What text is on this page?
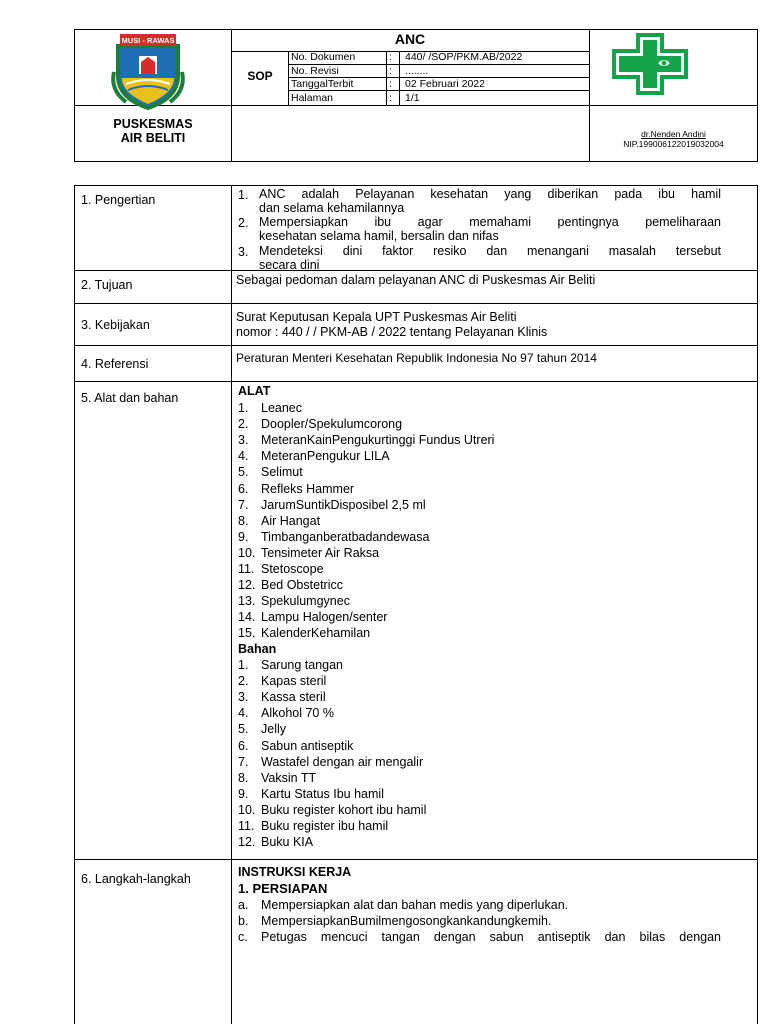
MUSI - RAWAS	ANC
SOP
No. Dokumen	: 440/ /SOP/PKM.AB/2022
No. Revisi	: ........
TanggalTerbit	: 02 Februari 2022
Halaman	: 1/1
PUSKESMAS
AIR BELITI	dr.Nenden Andini
NIP.199006122019032004
1. Pengertian	1. ANC adalah Pelayanan kesehatan yang diberikan pada ibu hamil
dan selama kehamilannya
2. Mempersiapkan ibu agar memahami pentingnya pemeliharaan
kesehatan selama hamil, bersalin dan nifas
3. Mendeteksi dini faktor resiko dan menangani masalah tersebut
secara dini
2. Tujuan	Sebagai pedoman dalam pelayanan ANC di Puskesmas Air Beliti
3. Kebijakan
Surat Keputusan Kepala UPT Puskesmas Air Beliti
nomor : 440 / / PKM-AB / 2022 tentang Pelayanan Klinis
4. Referensi	Peraturan Menteri Kesehatan Republik Indonesia No 97 tahun 2014
5. Alat dan bahan	ALAT
1. Leanec
2. Doopler/Spekulumcorong
3. MeteranKainPengukurtinggi Fundus Utreri
4. MeteranPengukur LILA
5. Selimut
6. Refleks Hammer
7. JarumSuntikDisposibel 2,5 ml
8. Air Hangat
9. Timbanganberatbadandewasa
10. Tensimeter Air Raksa
11. Stetoscope
12. Bed Obstetricc
13. Spekulumgynec
14. Lampu Halogen/senter
15. KalenderKehamilan
Bahan
1. Sarung tangan
2. Kapas steril
3. Kassa steril
4. Alkohol 70 %
5. Jelly
6. Sabun antiseptik
7. Wastafel dengan air mengalir
8. Vaksin TT
9. Kartu Status Ibu hamil
10. Buku register kohort ibu hamil
11. Buku register ibu hamil
12. Buku KIA
6. Langkah-langkah	INSTRUKSI KERJA
1. PERSIAPAN
a. Mempersiapkan alat dan bahan medis yang diperlukan.
b. MempersiapkanBumilmengosongkankandungkemih.
c. Petugas mencuci tangan dengan sabun antiseptik dan bilas dengan
